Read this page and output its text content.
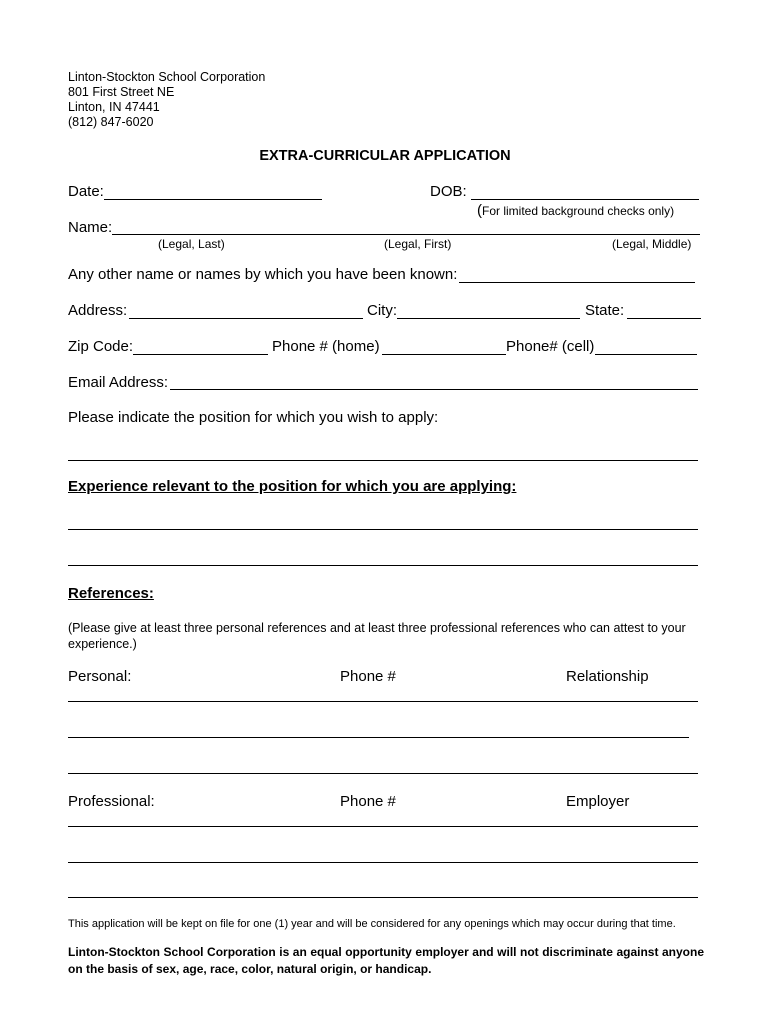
Linton-Stockton School Corporation
801 First Street NE
Linton, IN 47441
(812) 847-6020
EXTRA-CURRICULAR APPLICATION
Date:	DOB:
(For limited background checks only)
Name:
(Legal, Last)	(Legal, First)	(Legal, Middle)
Any other name or names by which you have been known:
Address:	City:	State:
Zip Code:	Phone # (home)	Phone# (cell)
Email Address:
Please indicate the position for which you wish to apply:
Experience relevant to the position for which you are applying:
References:
(Please give at least three personal references and at least three professional references who can attest to your experience.)
Personal:	Phone #	Relationship
Professional:	Phone #	Employer
This application will be kept on file for one (1) year and will be considered for any openings which may occur during that time.
Linton-Stockton School Corporation is an equal opportunity employer and will not discriminate against anyone on the basis of sex, age, race, color, natural origin, or handicap.
